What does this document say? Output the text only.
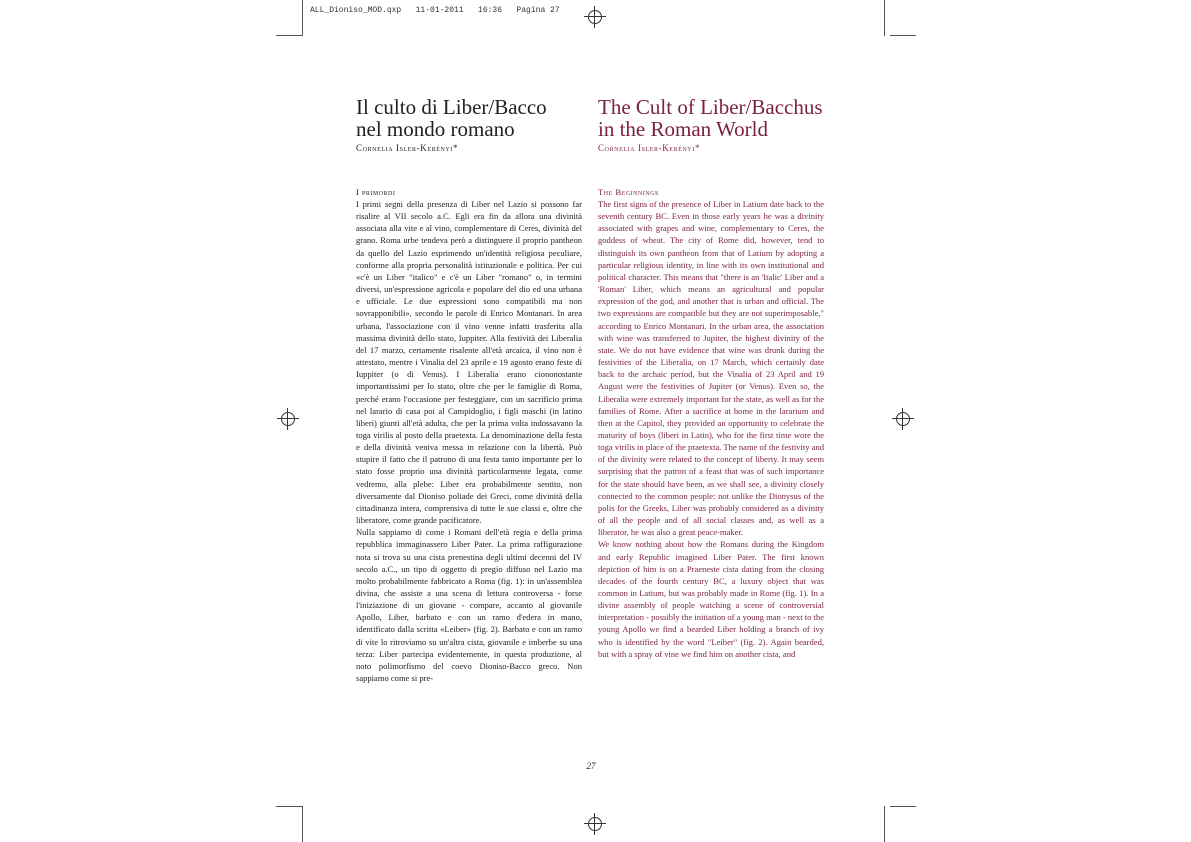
ALL_Dioniso_MOD.qxp   11-01-2011   16:36   Pagina 27
Il culto di Liber/Bacco
nel mondo romano
Cornelia Isler-Kerényi*
I primordi

I primi segni della presenza di Liber nel Lazio si possono far risalire al VII secolo a.C. Egli era fin da allora una divinità associata alla vite e al vino, complementare di Ceres, divinità del grano. Roma urbe tendeva però a distinguere il proprio pantheon da quello del Lazio esprimendo un'identità religiosa peculiare, conforme alla propria personalità istituzionale e politica. Per cui «c'è un Liber "italico" e c'è un Liber "romano" o, in termini diversi, un'espressione agricola e popolare del dio ed una urbana e ufficiale. Le due espressioni sono compatibili ma non sovrapponibili», secondo le parole di Enrico Montanari. In area urbana, l'associazione con il vino venne infatti trasferita alla massima divinità dello stato, Iuppiter. Alla festività dei Liberalia del 17 marzo, certamente risalente all'età arcaica, il vino non è attestato, mentre i Vinalia del 23 aprile e 19 agosto erano feste di Iuppiter (o di Venus). I Liberalia erano ciononostante importantissimi per lo stato, oltre che per le famiglie di Roma, perché erano l'occasione per festeggiare, con un sacrificio prima nel larario di casa poi al Campidoglio, i figli maschi (in latino liberi) giunti all'età adulta, che per la prima volta indossavano la toga virilis al posto della praetexta. La denominazione della festa e della divinità veniva messa in relazione con la libertà. Può stupire il fatto che il patrono di una festa tanto importante per lo stato fosse proprio una divinità particolarmente legata, come vedremo, alla plebe: Liber era probabilmente sentito, non diversamente dal Dioniso poliade dei Greci, come divinità della cittadinanza intera, comprensiva di tutte le sue classi e, oltre che liberatore, come grande pacificatore.

Nulla sappiamo di come i Romani dell'età regia e della prima repubblica immaginassero Liber Pater. La prima raffigurazione nota si trova su una cista prenestina degli ultimi decenni del IV secolo a.C., un tipo di oggetto di pregio diffuso nel Lazio ma molto probabilmente fabbricato a Roma (fig. 1): in un'assemblea divina, che assiste a una scena di lettura controversa - forse l'iniziazione di un giovane - compare, accanto al giovanile Apollo, Liber, barbato e con un ramo d'edera in mano, identificato dalla scritta «Leiber» (fig. 2). Barbato e con un ramo di vite lo ritroviamo su un'altra cista, giovanile e imberbe su una terza: Liber partecipa evidentemente, in questa produzione, al noto polimorfismo del coevo Dioniso-Bacco greco. Non sappiamo come si pre-

The Cult of Liber/Bacchus
in the Roman World
Cornelia Isler-Kerényi*
The Beginnings

The first signs of the presence of Liber in Latium date back to the seventh century BC. Even in those early years he was a divinity associated with grapes and wine, complementary to Ceres, the goddess of wheat. The city of Rome did, however, tend to distinguish its own pantheon from that of Latium by adopting a particular religious identity, in line with its own institutional and political character. This means that "there is an 'Italic' Liber and a 'Roman' Liber, which means an agricultural and popular expression of the god, and another that is urban and official. The two expressions are compatible but they are not superimposable," according to Enrico Montanari. In the urban area, the association with wine was transferred to Jupiter, the highest divinity of the state. We do not have evidence that wine was drunk during the festivities of the Liberalia, on 17 March, which certainly date back to the archaic period, but the Vinalia of 23 April and 19 August were the festivities of Jupiter (or Venus). Even so, the Liberalia were extremely important for the state, as well as for the families of Rome. After a sacrifice at home in the lararium and then at the Capitol, they provided an opportunity to celebrate the maturity of boys (liberi in Latin), who for the first time wore the toga virilis in place of the praetexta. The name of the festivity and of the divinity were related to the concept of liberty. It may seem surprising that the patron of a feast that was of such importance for the state should have been, as we shall see, a divinity closely connected to the common people: not unlike the Dionysus of the polis for the Greeks, Liber was probably considered as a divinity of all the people and of all social classes and, as well as a liberator, he was also a great peace-maker.

We know nothing about how the Romans during the Kingdom and early Republic imagined Liber Pater. The first known depiction of him is on a Praeneste cista dating from the closing decades of the fourth century BC, a luxury object that was common in Latium, but was probably made in Rome (fig. 1). In a divine assembly of people watching a scene of controversial interpretation - possibly the initiation of a young man - next to the young Apollo we find a bearded Liber holding a branch of ivy who is identified by the word "Leiber" (fig. 2). Again bearded, but with a spray of vine we find him on another cista, and

27
